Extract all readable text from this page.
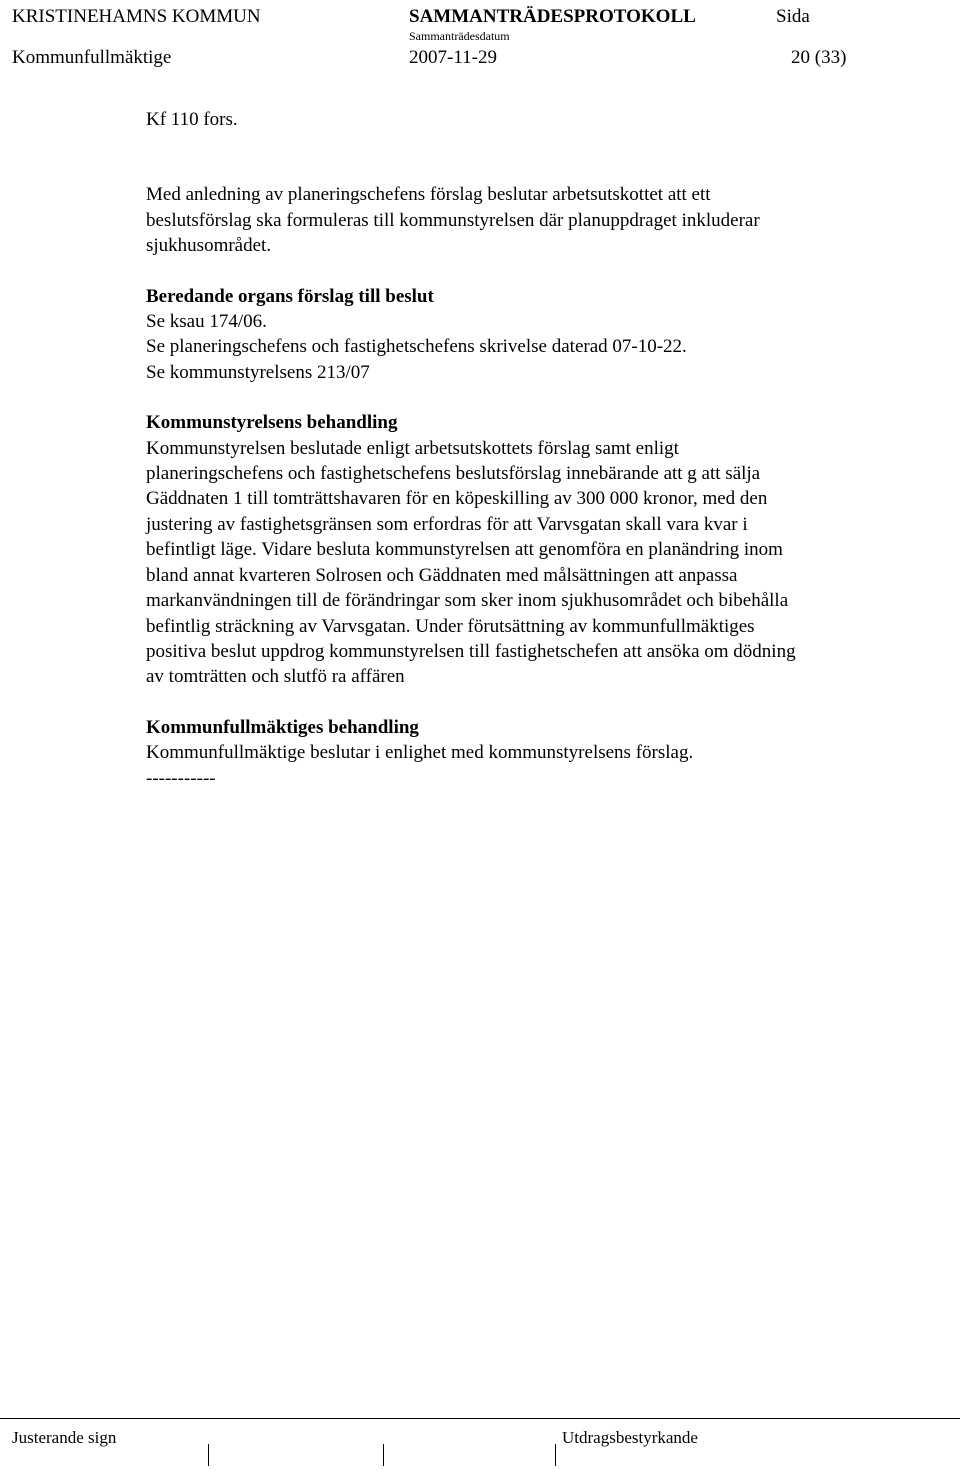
KRISTINEHAMNS KOMMUN	SAMMANTRÄDESPROTOKOLL	Sida
Sammanträdesdatum
Kommunfullmäktige	2007-11-29	20 (33)

Kf 110 fors.

Med anledning av planeringschefens förslag beslutar arbetsutskottet att ett

beslutsförslag ska formuleras till kommunstyrelsen där planuppdraget inkluderar

sjukhusområdet.

Beredande organs förslag till beslut

Se ksau 174/06.

Se planeringschefens och fastighetschefens skrivelse daterad 07-10-22.

Se kommunstyrelsens 213/07

Kommunstyrelsens behandling

Kommunstyrelsen beslutade enligt arbetsutskottets förslag samt enligt

planeringschefens och fastighetschefens beslutsförslag innebärande att g att sälja

Gäddnaten 1 till tomträttshavaren för en köpeskilling av 300 000 kronor, med den

justering av fastighetsgränsen som erfordras för att Varvsgatan skall vara kvar i

befintligt läge. Vidare besluta kommunstyrelsen att genomföra en planändring inom

bland annat kvarteren Solrosen och Gäddnaten med målsättningen att anpassa

markanvändningen till de förändringar som sker inom sjukhusområdet och bibehålla

befintlig sträckning av Varvsgatan. Under förutsättning av kommunfullmäktiges

positiva beslut uppdrog kommunstyrelsen till fastighetschefen att ansöka om dödning

av tomträtten och slutfö ra affären

Kommunfullmäktiges behandling

Kommunfullmäktige beslutar i enlighet med kommunstyrelsens förslag.

-----------

Justerande sign	Utdragsbestyrkande
